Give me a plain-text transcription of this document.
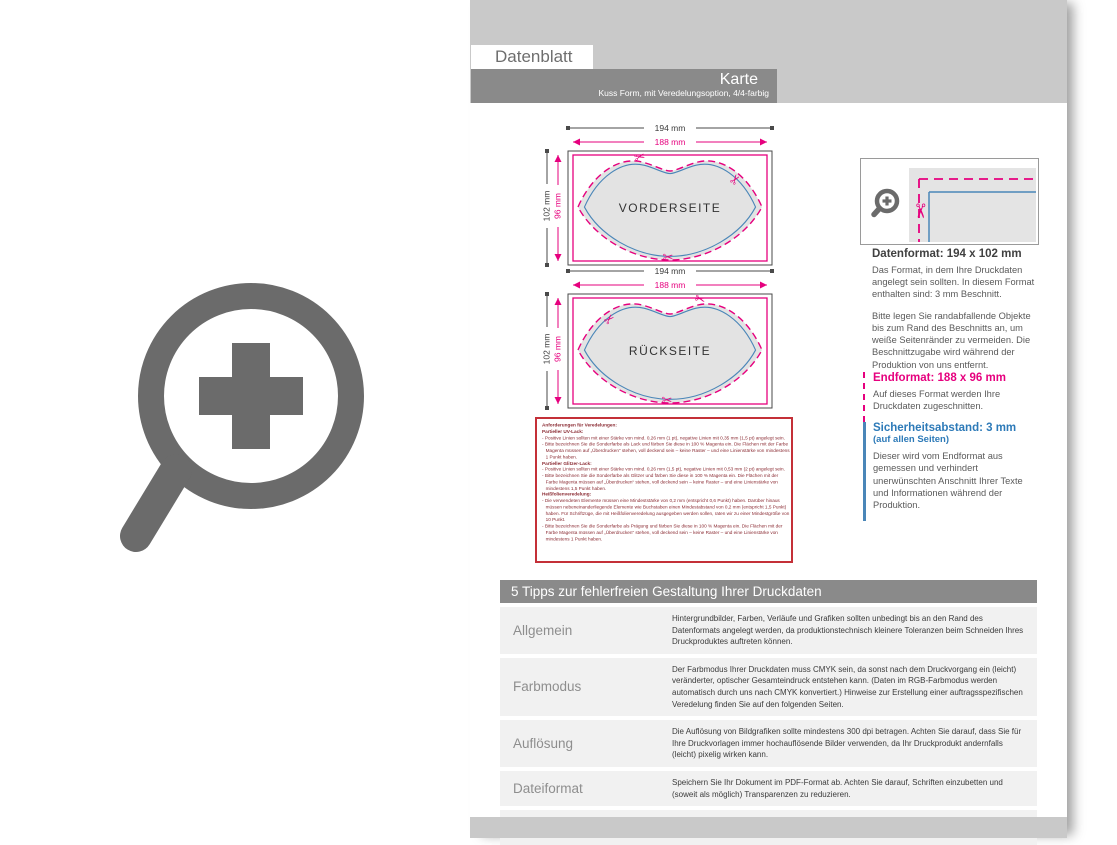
Datenblatt
Karte
Kuss Form, mit Veredelungsoption, 4/4-farbig
194 mm
188 mm
102 mm 96 mm
✂
✂
✂
VORDERSEITE
194 mm
188 mm
102 mm 96 mm
✂
✂
✂
RÜCKSEITE
Anforderungen für Veredelungen:
Partieller UV-Lack:
- Positive Linien sollten mit einer Stärke von mind. 0,26 mm (1 pt), negative Linien mit 0,35 mm (1,5 pt) angelegt sein.
- Bitte bezeichnen Sie die Sonderfarbe als Lack und färben Sie diese in 100 % Magenta ein. Die Flächen mit der Farbe Magenta müssen auf „Überdrucken“ stehen, voll deckend sein – keine Raster – und eine Linienstärke von mindestens 1 Punkt haben.
Partieller Glitzer-Lack:
- Positive Linien sollten mit einer Stärke von mind. 0,26 mm (1,5 pt), negative Linien mit 0,53 mm (2 pt) angelegt sein.
- Bitte bezeichnen Sie die Sonderfarbe als Glitzer und färben Sie diese in 100 % Magenta ein. Die Flächen mit der Farbe Magenta müssen auf „Überdrucken“ stehen, voll deckend sein – keine Raster – und eine Linienstärke von mindestens 1,5 Punkt haben.
Heißfolienveredelung:
- Die verwendeten Elemente müssen eine Mindeststärke von 0,2 mm (entspricht 0,6 Punkt) haben. Darüber hinaus müssen nebeneinanderliegende Elemente wie Buchstaben einen Mindestabstand von 0,2 mm (entspricht 1,5 Punkt) haben. Für Schriftzüge, die mit Heißfolienveredelung ausgegeben werden sollen, raten wir zu einer Mindestgröße von 10 Punkt.
- Bitte bezeichnen Sie die Sonderfarbe als Prägung und färben Sie diese in 100 % Magenta ein. Die Flächen mit der Farbe Magenta müssen auf „Überdrucken“ stehen, voll deckend sein – keine Raster – und eine Linienstärke von mindestens 1 Punkt haben.
✂
Datenformat: 194 x 102 mm

Das Format, in dem Ihre Druckdaten angelegt sein sollten. In diesem Format enthalten sind: 3 mm Beschnitt.

Bitte legen Sie randabfallende Objekte bis zum Rand des Beschnitts an, um weiße Seitenränder zu vermeiden. Die Beschnittzugabe wird während der Produktion von uns entfernt.

Endformat: 188 x 96 mm

Auf dieses Format werden Ihre Druckdaten zugeschnitten.

Sicherheitsabstand: 3 mm

(auf allen Seiten)

Dieser wird vom Endformat aus gemessen und verhindert unerwünschten Anschnitt Ihrer Texte und Informationen während der Produktion.

5 Tipps zur fehlerfreien Gestaltung Ihrer Druckdaten
Allgemein
Hintergrundbilder, Farben, Verläufe und Grafiken sollten unbedingt bis an den Rand des Datenformats angelegt werden, da produktionstechnisch kleinere Toleranzen beim Schneiden Ihres Druckproduktes auftreten können.
Farbmodus
Der Farbmodus Ihrer Druckdaten muss CMYK sein, da sonst nach dem Druckvorgang ein (leicht) veränderter, optischer Gesamteindruck entstehen kann. (Daten im RGB-Farbmodus werden automatisch durch uns nach CMYK konvertiert.) Hinweise zur Erstellung einer auftragsspezifischen Veredelung finden Sie auf den folgenden Seiten.
Auflösung
Die Auflösung von Bildgrafiken sollte mindestens 300 dpi betragen. Achten Sie darauf, dass Sie für Ihre Druckvorlagen immer hochauflösende Bilder verwenden, da Ihr Druckprodukt andernfalls (leicht) pixelig wirken kann.
Dateiformat	Speichern Sie Ihr Dokument im PDF-Format ab. Achten Sie darauf, Schriften einzubetten und (soweit als möglich) Transparenzen zu reduzieren.
